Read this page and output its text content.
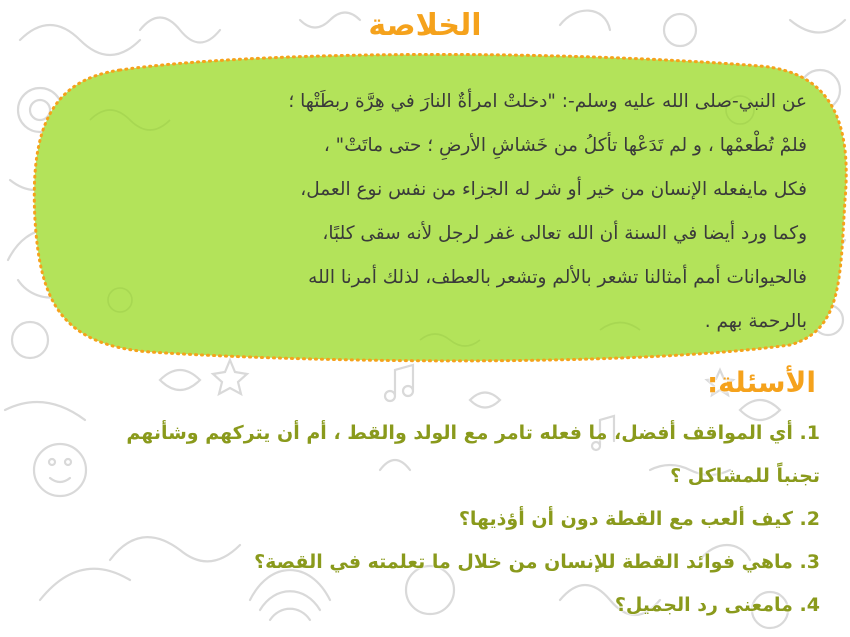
الخلاصة

عن النبي-صلى الله عليه وسلم-: "دخلتْ امرأةٌ النارَ في هِرَّة ربطَتْها ؛

فلمْ تُطْعمْها ، و لم تَدَعْها تأكلُ من خَشاشِ الأرضِ ؛ حتى ماتَتْ" ،

فكل مايفعله الإنسان من خير أو شر له الجزاء من نفس نوع العمل،

وكما ورد أيضا في السنة أن الله تعالى غفر لرجل لأنه سقى كلبًا،

فالحيوانات أمم أمثالنا تشعر بالألم وتشعر بالعطف، لذلك أمرنا الله

بالرحمة بهم .

الأسئلة:

1. أي المواقف أفضل، ما فعله تامر مع الولد والقط ، أم أن يتركهم وشأنهم

تجنباً للمشاكل ؟

2. كيف ألعب مع القطة دون أن أؤذيها؟

3. ماهي فوائد القطة للإنسان من خلال ما تعلمته في القصة؟

4. مامعنى رد الجميل؟
